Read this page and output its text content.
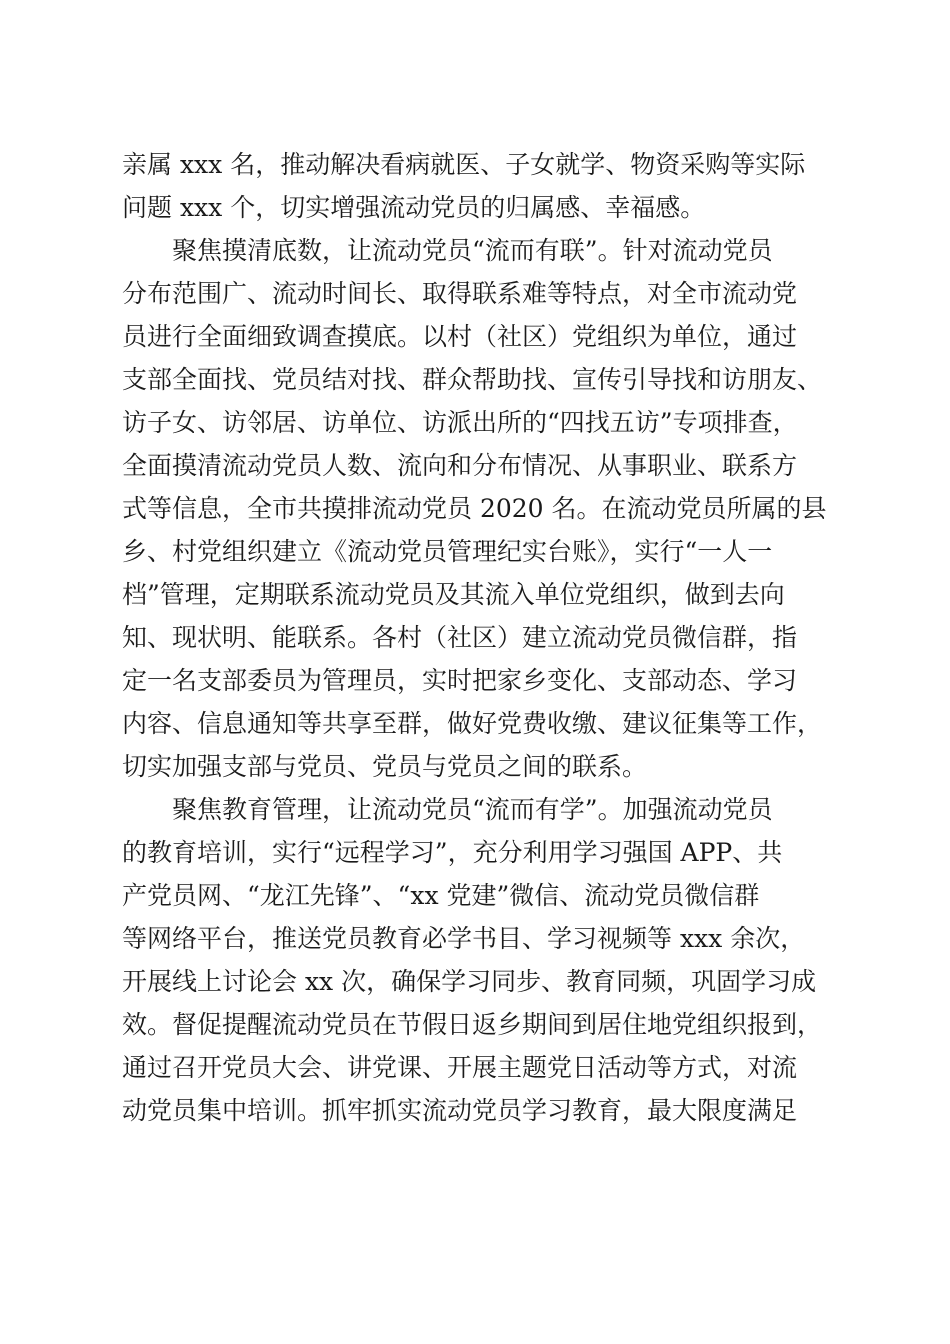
亲属 xxx 名，推动解决看病就医、子女就学、物资采购等实际

问题 xxx 个，切实增强流动党员的归属感、幸福感。

聚焦摸清底数，让流动党员“流而有联”。针对流动党员

分布范围广、流动时间长、取得联系难等特点，对全市流动党

员进行全面细致调查摸底。以村（社区）党组织为单位，通过

支部全面找、党员结对找、群众帮助找、宣传引导找和访朋友、

访子女、访邻居、访单位、访派出所的“四找五访”专项排查，

全面摸清流动党员人数、流向和分布情况、从事职业、联系方

式等信息，全市共摸排流动党员 2020 名。在流动党员所属的县

乡、村党组织建立《流动党员管理纪实台账》，实行“一人一

档”管理，定期联系流动党员及其流入单位党组织，做到去向

知、现状明、能联系。各村（社区）建立流动党员微信群，指

定一名支部委员为管理员，实时把家乡变化、支部动态、学习

内容、信息通知等共享至群，做好党费收缴、建议征集等工作，

切实加强支部与党员、党员与党员之间的联系。

聚焦教育管理，让流动党员“流而有学”。加强流动党员

的教育培训，实行“远程学习”，充分利用学习强国 APP、共

产党员网、“龙江先锋”、“xx 党建”微信、流动党员微信群

等网络平台，推送党员教育必学书目、学习视频等 xxx 余次，

开展线上讨论会 xx 次，确保学习同步、教育同频，巩固学习成

效。督促提醒流动党员在节假日返乡期间到居住地党组织报到，

通过召开党员大会、讲党课、开展主题党日活动等方式，对流

动党员集中培训。抓牢抓实流动党员学习教育，最大限度满足
